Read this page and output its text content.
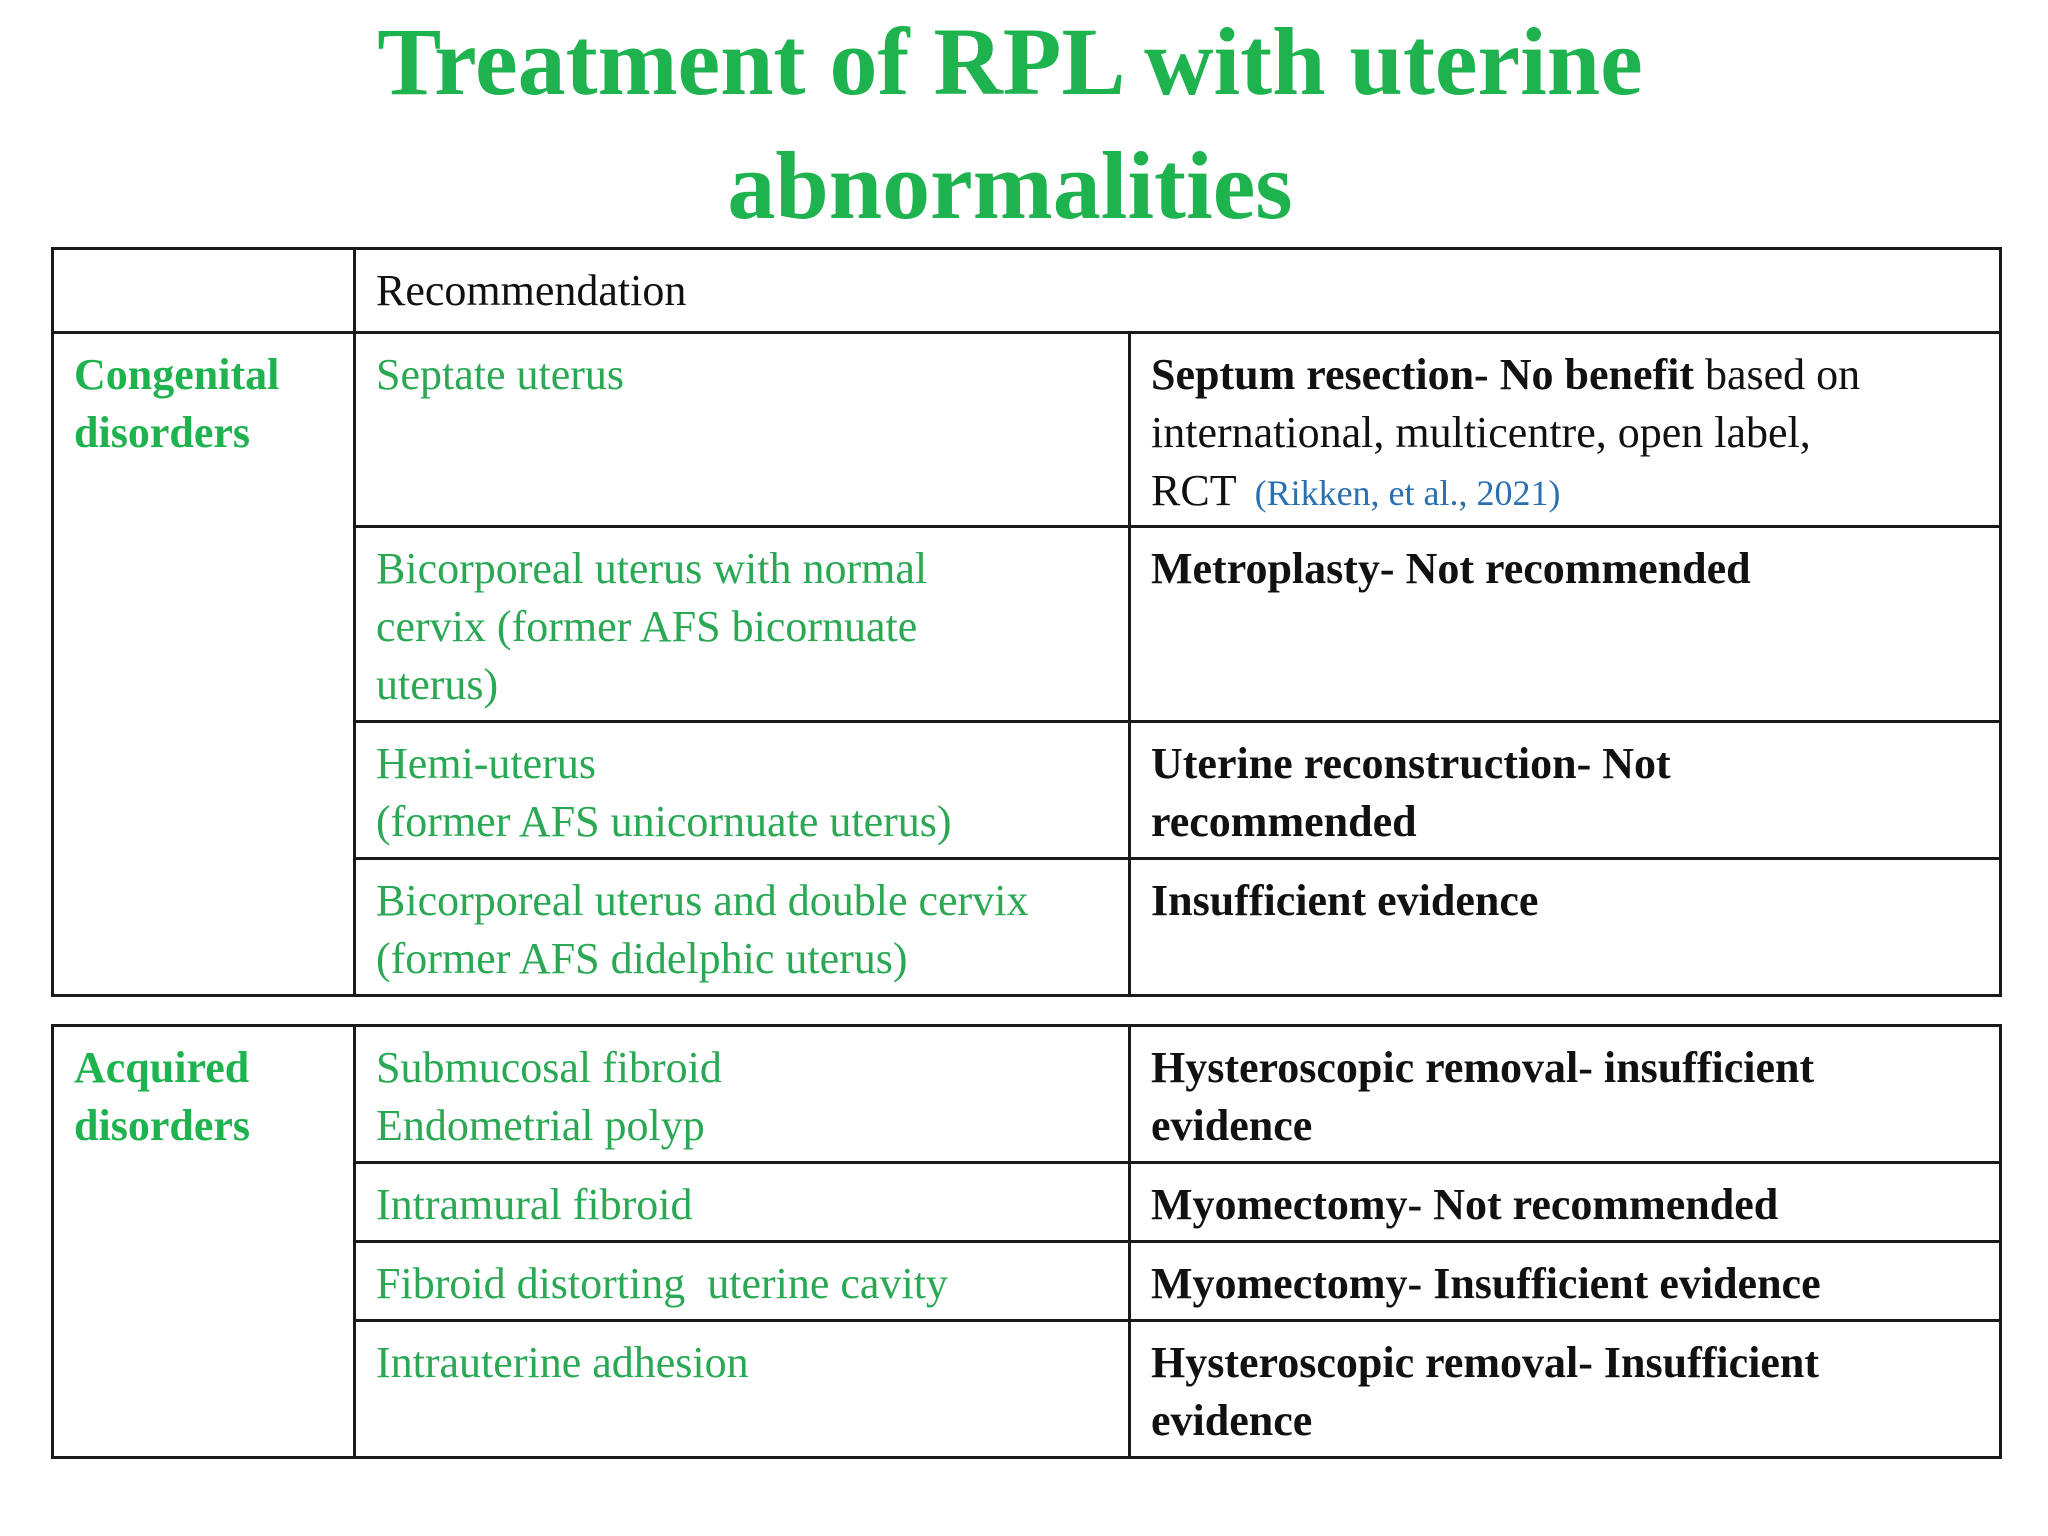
Treatment of RPL with uterine
abnormalities
	Recommendation	

Congenital
disorders	Septate uterus	Septum resection- No benefit based on
international, multicentre, open label,
RCT (Rikken, et al., 2021)

	Bicorporeal uterus with normal
cervix (former AFS bicornuate
uterus)	Metroplasty- Not recommended

	Hemi-uterus
(former AFS unicornuate uterus)	Uterine reconstruction- Not
recommended

	Bicorporeal uterus and double cervix
(former AFS didelphic uterus)	Insufficient evidence
Acquired
disorders	Submucosal fibroid
Endometrial polyp	Hysteroscopic removal- insufficient
evidence

	Intramural fibroid	Myomectomy- Not recommended

	Fibroid distorting  uterine cavity	Myomectomy- Insufficient evidence

	Intrauterine adhesion	Hysteroscopic removal- Insufficient
evidence
